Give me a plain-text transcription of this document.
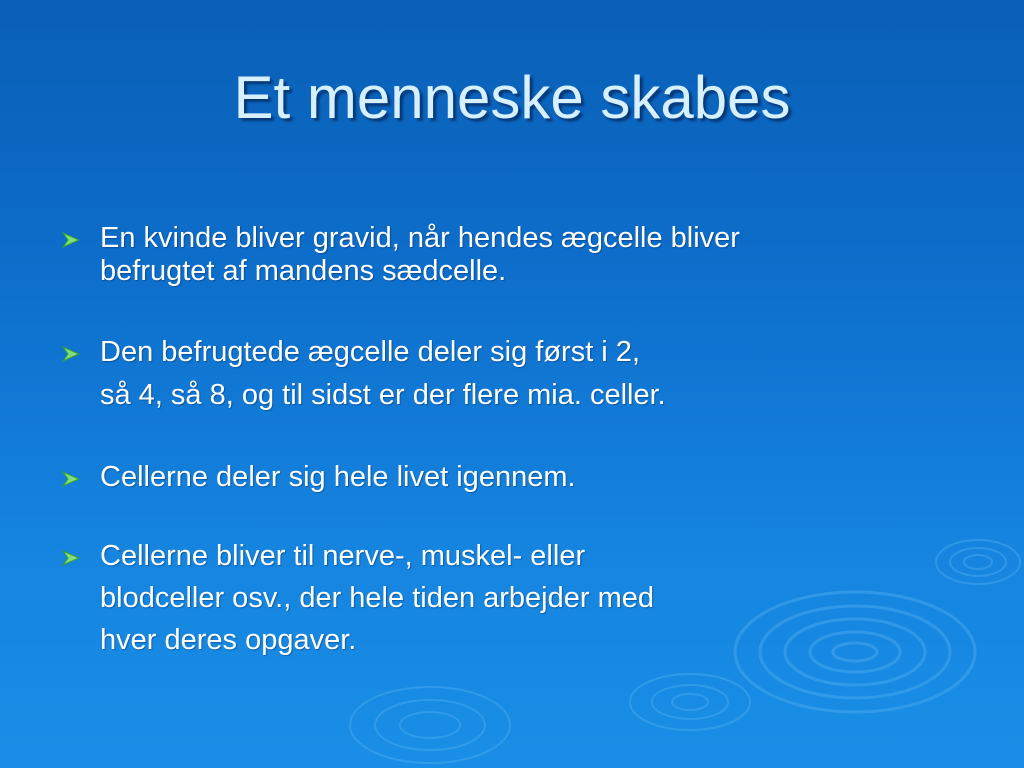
Et menneske skabes
En kvinde bliver gravid, når hendes ægcelle bliver
befrugtet af mandens sædcelle.
Den befrugtede ægcelle deler sig først i 2,
så 4, så 8, og til sidst er der flere mia. celler.
Cellerne deler sig hele livet igennem.
Cellerne bliver til nerve-, muskel- eller
blodceller osv., der hele tiden arbejder med
hver deres opgaver.
